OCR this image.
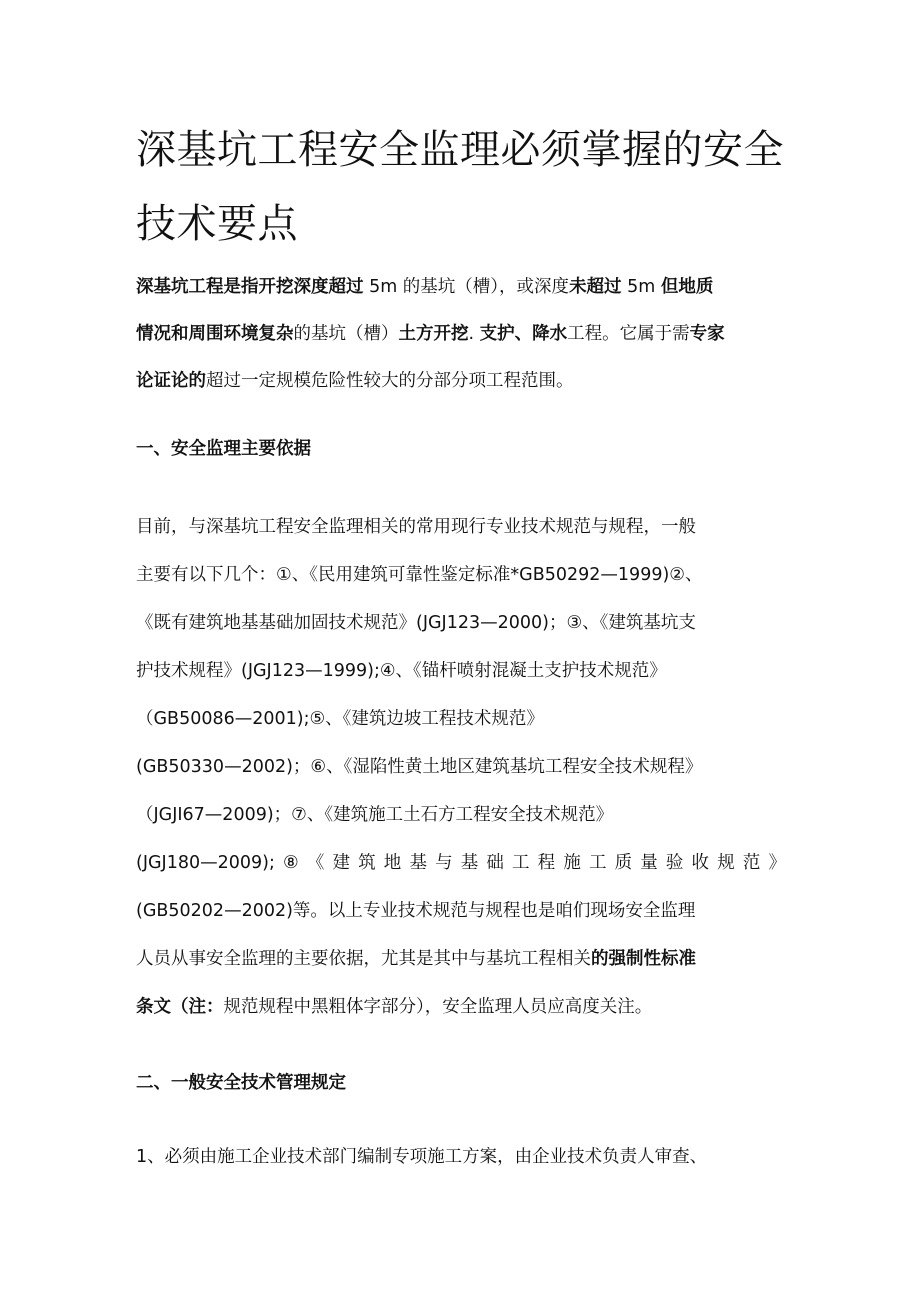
深基坑工程安全监理必须掌握的安全技术要点

深基坑工程是指开挖深度超过 5m 的基坑（槽），或深度未超过 5m 但地质
情况和周围环境复杂的基坑（槽）土方开挖. 支护、降水工程。它属于需专家
论证论的超过一定规模危险性较大的分部分项工程范围。

一、安全监理主要依据

目前，与深基坑工程安全监理相关的常用现行专业技术规范与规程，一般
主要有以下几个：①、《民用建筑可靠性鉴定标准*GB50292—1999)②、
《既有建筑地基基础加固技术规范》(JGJ123—2000)；③、《建筑基坑支
护技术规程》(JGJ123—1999);④、《锚杆喷射混凝土支护技术规范》
（GB50086—2001);⑤、《建筑边坡工程技术规范》
(GB50330—2002)；⑥、《湿陷性黄土地区建筑基坑工程安全技术规程》
（JGJI67—2009)；⑦、《建筑施工土石方工程安全技术规范》
(JGJ180—2009);⑧《建筑地基与基础工程施工质量验收规范》
(GB50202—2002)等。以上专业技术规范与规程也是咱们现场安全监理
人员从事安全监理的主要依据，尤其是其中与基坑工程相关的强制性标准
条文（注：规范规程中黑粗体字部分），安全监理人员应高度关注。

二、一般安全技术管理规定

1、必须由施工企业技术部门编制专项施工方案，由企业技术负责人审查、
